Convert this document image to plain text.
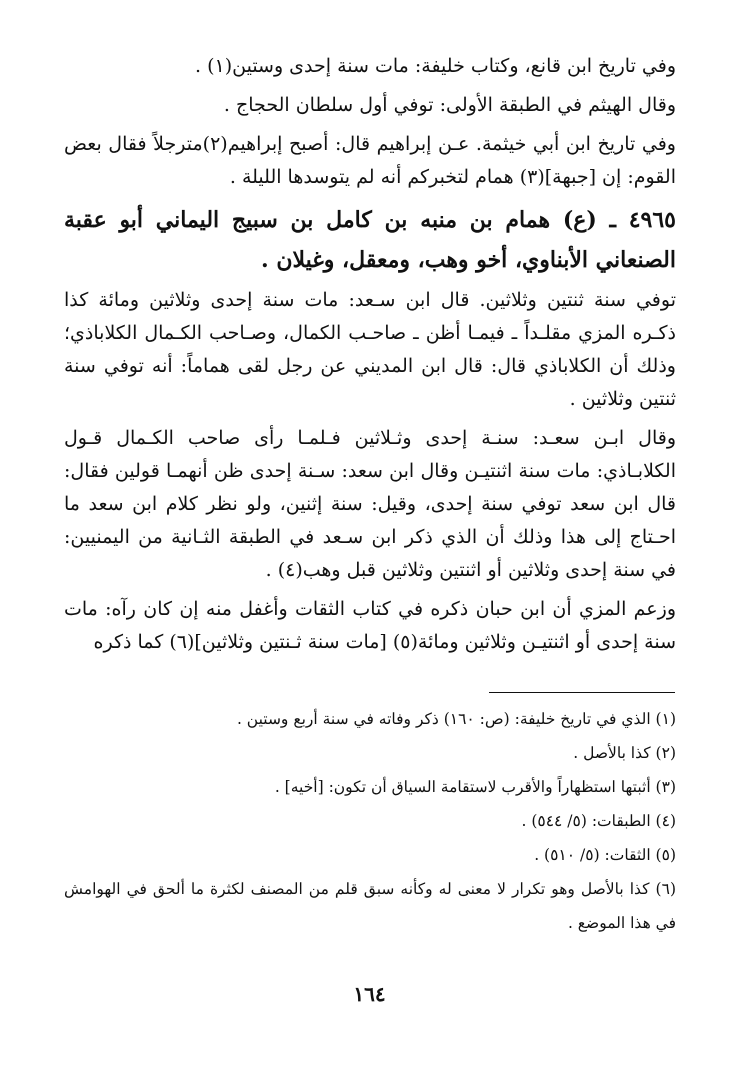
وفي تاريخ ابن قانع، وكتاب خليفة: مات سنة إحدى وستين(١) .

وقال الهيثم في الطبقة الأولى: توفي أول سلطان الحجاج .

وفي تاريخ ابن أبي خيثمة. عـن إبراهيم قال: أصبح إبراهيم(٢)مترجلاً فقال بعض القوم: إن [جبهة](٣) همام لتخبركم أنه لم يتوسدها الليلة .

٤٩٦٥ ـ (ع) همام بن منبه بن كامل بن سبيج اليماني أبو عقبة الصنعاني الأبناوي، أخو وهب، ومعقل، وغيلان .

توفي سنة ثنتين وثلاثين. قال ابن سـعد: مات سنة إحدى وثلاثين ومائة كذا ذكـره المزي مقلـداً ـ فيمـا أظن ـ صاحـب الكمال، وصـاحب الكـمال الكلاباذي؛ وذلك أن الكلاباذي قال: قال ابن المديني عن رجل لقى هماماً: أنه توفي سنة ثنتين وثلاثين .

وقال ابـن سعـد: سنـة إحدى وثـلاثين فـلمـا رأى صاحب الكـمال قـول الكلابـاذي: مات سنة اثنتيـن وقال ابن سعد: سـنة إحدى ظن أنهمـا قولين فقال: قال ابن سعد توفي سنة إحدى، وقيل: سنة إثنين، ولو نظر كلام ابن سعد ما احـتاج إلى هذا وذلك أن الذي ذكر ابن سـعد في الطبقة الثـانية من اليمنيين: في سنة إحدى وثلاثين أو اثنتين وثلاثين قبل وهب(٤) .

وزعم المزي أن ابن حبان ذكره في كتاب الثقات وأغفل منه إن كان رآه: مات سنة إحدى أو اثنتيـن وثلاثين ومائة(٥) [مات سنة ثـنتين وثلاثين](٦) كما ذكره

(١) الذي في تاريخ خليفة: (ص: ١٦٠) ذكر وفاته في سنة أربع وستين .

(٢) كذا بالأصل .

(٣) أثبتها استظهاراً والأقرب لاستقامة السياق أن تكون: [أخيه] .

(٤) الطبقات: (٥/ ٥٤٤) .

(٥) الثقات: (٥/ ٥١٠) .

(٦) كذا بالأصل وهو تكرار لا معنى له وكأنه سبق قلم من المصنف لكثرة ما ألحق في الهوامش في هذا الموضع .

١٦٤
